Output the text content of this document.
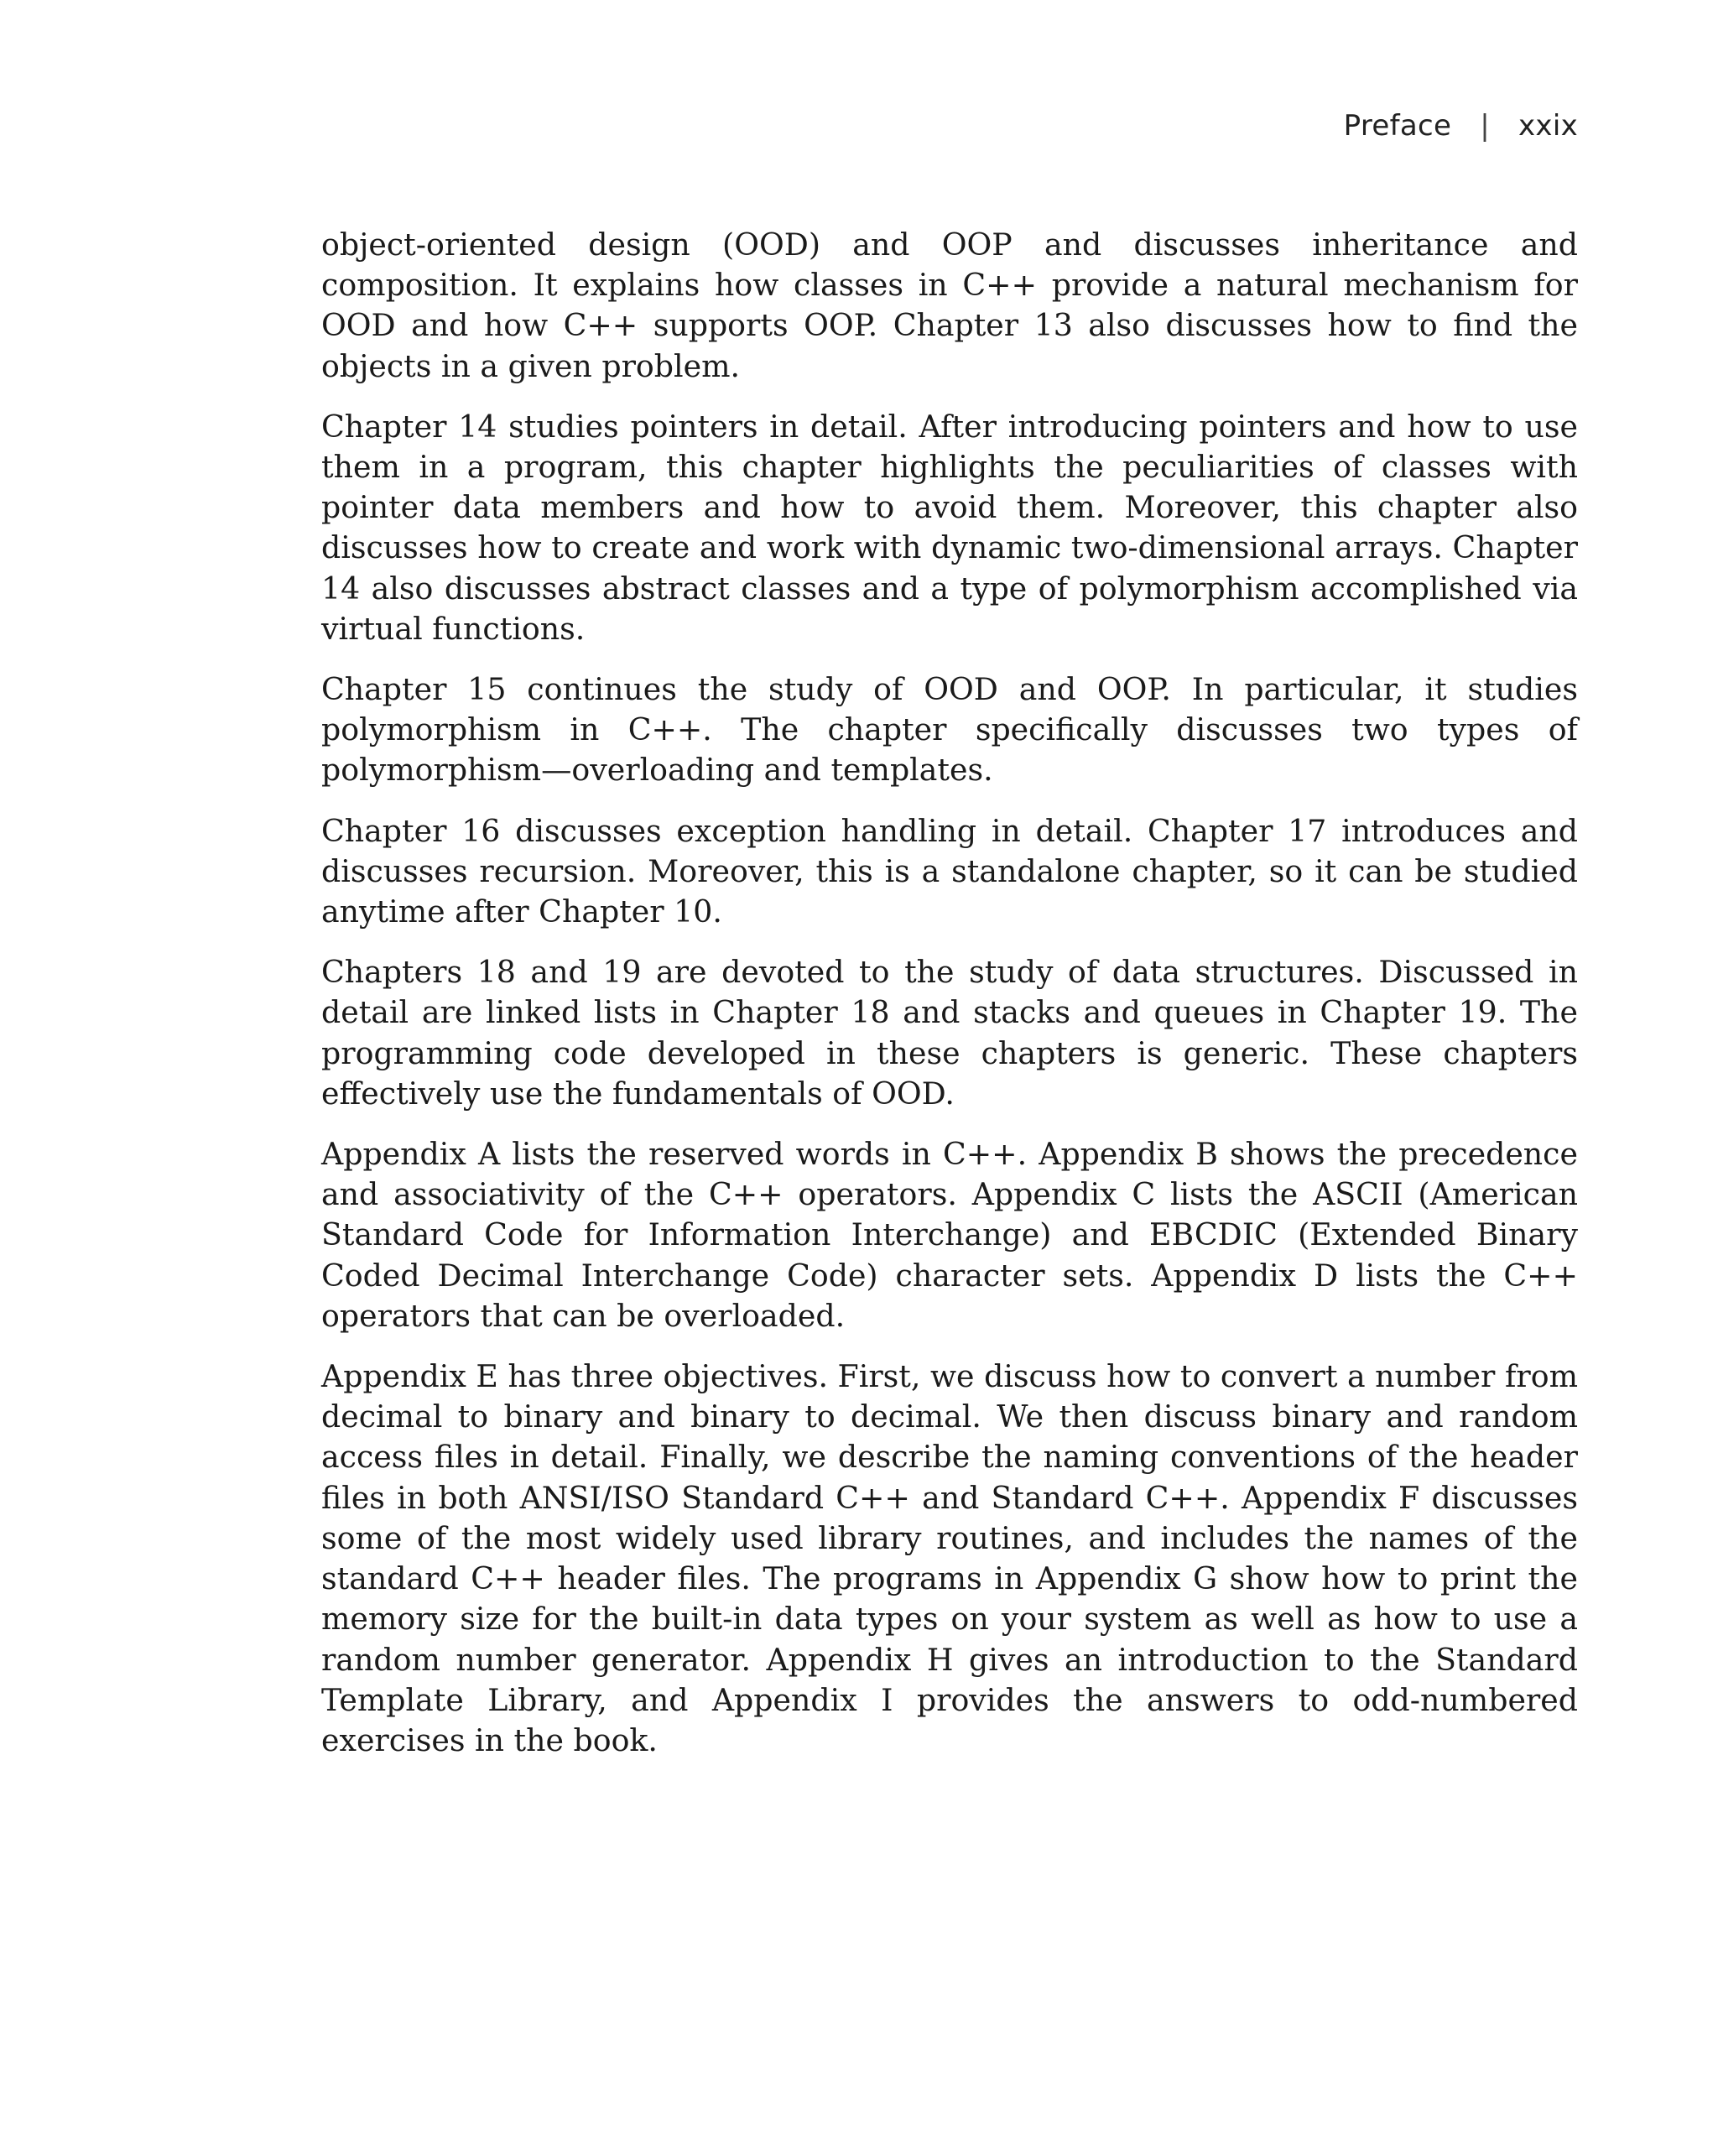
Preface | xxix

object-oriented design (OOD) and OOP and discusses inheritance and composition. It explains how classes in C++ provide a natural mechanism for OOD and how C++ supports OOP. Chapter 13 also discusses how to find the objects in a given problem.

Chapter 14 studies pointers in detail. After introducing pointers and how to use them in a program, this chapter highlights the peculiarities of classes with pointer data members and how to avoid them. Moreover, this chapter also discusses how to create and work with dynamic two-dimensional arrays. Chapter 14 also discusses abstract classes and a type of polymorphism accomplished via virtual functions.

Chapter 15 continues the study of OOD and OOP. In particular, it studies polymorphism in C++. The chapter specifically discusses two types of polymorphism—overloading and templates.

Chapter 16 discusses exception handling in detail. Chapter 17 introduces and discusses recursion. Moreover, this is a standalone chapter, so it can be studied anytime after Chapter 10.

Chapters 18 and 19 are devoted to the study of data structures. Discussed in detail are linked lists in Chapter 18 and stacks and queues in Chapter 19. The programming code developed in these chapters is generic. These chapters effectively use the fundamentals of OOD.

Appendix A lists the reserved words in C++. Appendix B shows the precedence and associativity of the C++ operators. Appendix C lists the ASCII (American Standard Code for Information Interchange) and EBCDIC (Extended Binary Coded Decimal Interchange Code) character sets. Appendix D lists the C++ operators that can be overloaded.

Appendix E has three objectives. First, we discuss how to convert a number from decimal to binary and binary to decimal. We then discuss binary and random access files in detail. Finally, we describe the naming conventions of the header files in both ANSI/ISO Standard C++ and Standard C++. Appendix F discusses some of the most widely used library routines, and includes the names of the standard C++ header files. The programs in Appendix G show how to print the memory size for the built-in data types on your system as well as how to use a random number generator. Appendix H gives an introduction to the Standard Template Library, and Appendix I provides the answers to odd-numbered exercises in the book.
